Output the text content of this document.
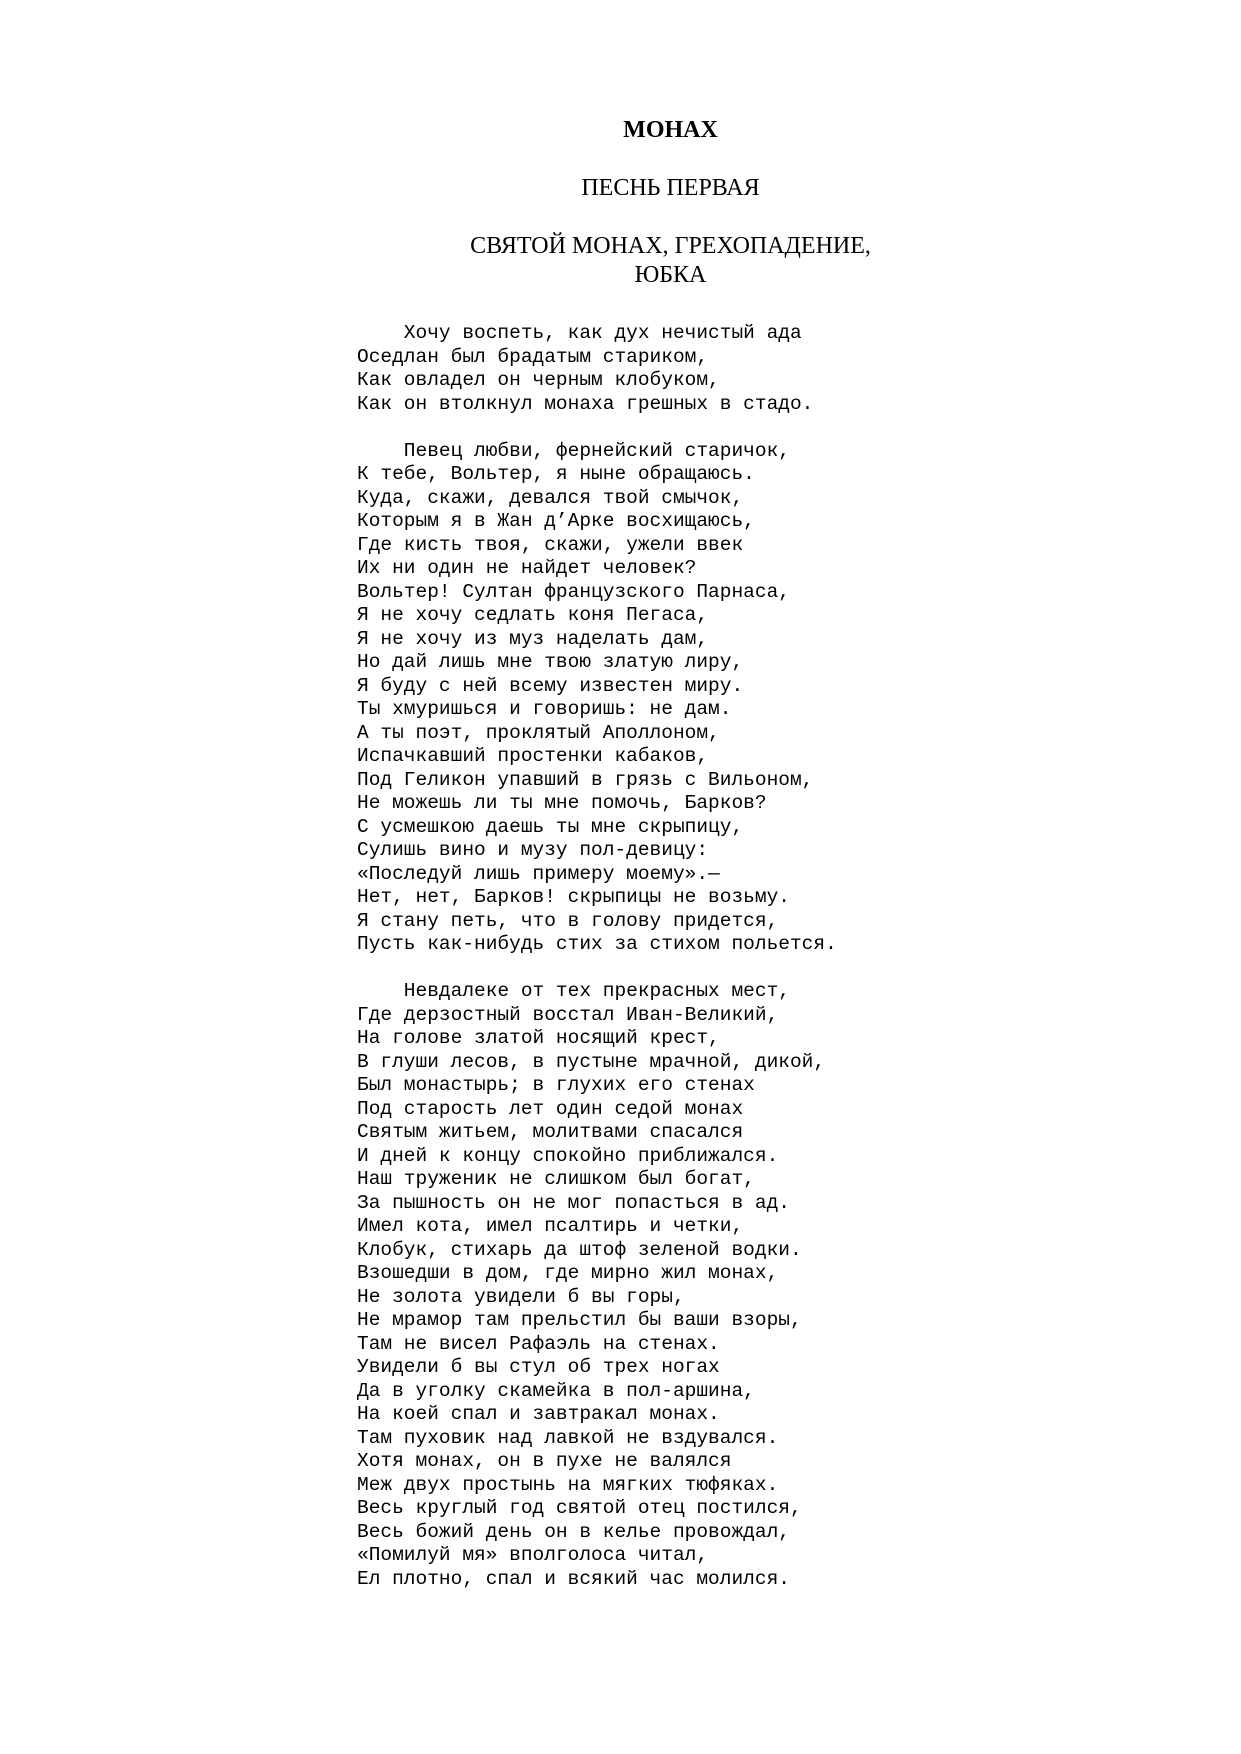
МОНАХ
ПЕСНЬ ПЕРВАЯ
СВЯТОЙ МОНАХ, ГРЕХОПАДЕНИЕ,
ЮБКА
Хочу воспеть, как дух нечистый ада
Оседлан был брадатым стариком,
Как овладел он черным клобуком,
Как он втолкнул монаха грешных в стадо.
Певец любви, фернейский старичок,
К тебе, Вольтер, я ныне обращаюсь.
Куда, скажи, девался твой смычок,
Которым я в Жан д’Арке восхищаюсь,
Где кисть твоя, скажи, ужели ввек
Их ни один не найдет человек?
Вольтер! Султан французского Парнаса,
Я не хочу седлать коня Пегаса,
Я не хочу из муз наделать дам,
Но дай лишь мне твою златую лиру,
Я буду с ней всему известен миру.
Ты хмуришься и говоришь: не дам.
А ты поэт, проклятый Аполлоном,
Испачкавший простенки кабаков,
Под Геликон упавший в грязь с Вильоном,
Не можешь ли ты мне помочь, Барков?
С усмешкою даешь ты мне скрыпицу,
Сулишь вино и музу пол-девицу:
«Последуй лишь примеру моему».—
Нет, нет, Барков! скрыпицы не возьму.
Я стану петь, что в голову придется,
Пусть как-нибудь стих за стихом польется.
Невдалеке от тех прекрасных мест,
Где дерзостный восстал Иван-Великий,
На голове златой носящий крест,
В глуши лесов, в пустыне мрачной, дикой,
Был монастырь; в глухих его стенах
Под старость лет один седой монах
Святым житьем, молитвами спасался
И дней к концу спокойно приближался.
Наш труженик не слишком был богат,
За пышность он не мог попасться в ад.
Имел кота, имел псалтирь и четки,
Клобук, стихарь да штоф зеленой водки.
Взошедши в дом, где мирно жил монах,
Не золота увидели б вы горы,
Не мрамор там прельстил бы ваши взоры,
Там не висел Рафаэль на стенах.
Увидели б вы стул об трех ногах
Да в уголку скамейка в пол-аршина,
На коей спал и завтракал монах.
Там пуховик над лавкой не вздувался.
Хотя монах, он в пухе не валялся
Меж двух простынь на мягких тюфяках.
Весь круглый год святой отец постился,
Весь божий день он в келье провождал,
«Помилуй мя» вполголоса читал,
Ел плотно, спал и всякий час молился.
